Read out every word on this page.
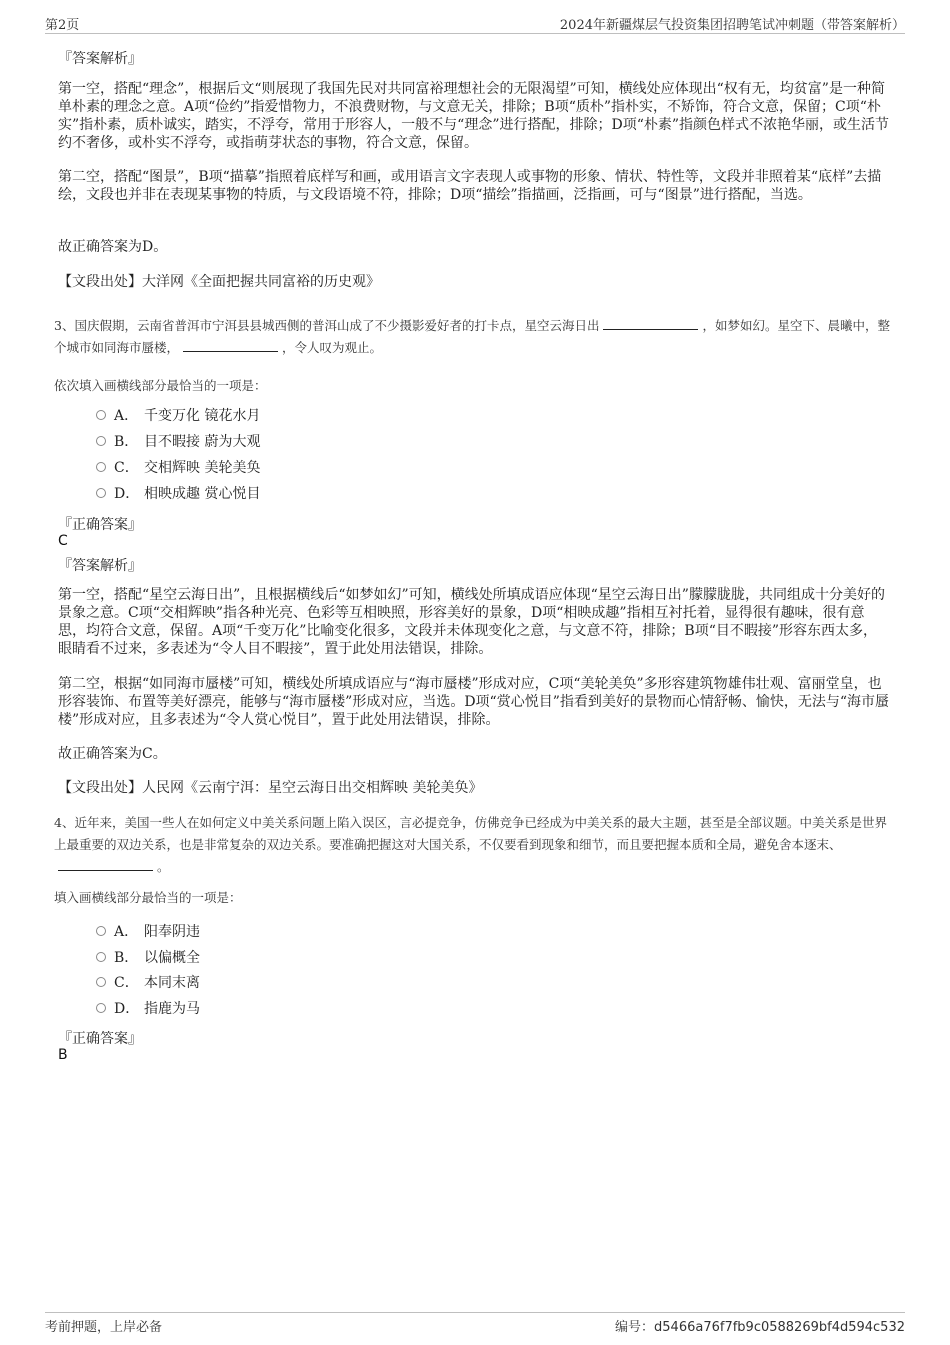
第2页	2024年新疆煤层气投资集团招聘笔试冲刺题（带答案解析）
『答案解析』
第一空，搭配“理念”，根据后文“则展现了我国先民对共同富裕理想社会的无限渴望”可知，横线处应体现出“权有无，均贫富”是一种简单朴素的理念之意。A项“俭约”指爱惜物力，不浪费财物，与文意无关，排除；B项“质朴”指朴实，不矫饰，符合文意，保留；C项“朴实”指朴素，质朴诚实，踏实，不浮夸，常用于形容人，一般不与“理念”进行搭配，排除；D项“朴素”指颜色样式不浓艳华丽，或生活节约不奢侈，或朴实不浮夸，或指萌芽状态的事物，符合文意，保留。
第二空，搭配“图景”，B项“描摹”指照着底样写和画，或用语言文字表现人或事物的形象、情状、特性等，文段并非照着某“底样”去描绘，文段也并非在表现某事物的特质，与文段语境不符，排除；D项“描绘”指描画，泛指画，可与“图景”进行搭配，当选。
故正确答案为D。
【文段出处】大洋网《全面把握共同富裕的历史观》
3、国庆假期，云南省普洱市宁洱县县城西侧的普洱山成了不少摄影爱好者的打卡点，星空云海日出	，如梦如幻。星空下、晨曦中，整个城市如同海市蜃楼，	，令人叹为观止。
依次填入画横线部分最恰当的一项是：
A． 千变万化 镜花水月
B． 目不暇接 蔚为大观
C． 交相辉映 美轮美奂
D． 相映成趣 赏心悦目
『正确答案』
C
『答案解析』
第一空，搭配“星空云海日出”，且根据横线后“如梦如幻”可知，横线处所填成语应体现“星空云海日出”朦朦胧胧，共同组成十分美好的景象之意。C项“交相辉映”指各种光亮、色彩等互相映照，形容美好的景象，D项“相映成趣”指相互衬托着，显得很有趣味，很有意思，均符合文意，保留。A项“千变万化”比喻变化很多，文段并未体现变化之意，与文意不符，排除；B项“目不暇接”形容东西太多，眼睛看不过来，多表述为“令人目不暇接”，置于此处用法错误，排除。
第二空，根据“如同海市蜃楼”可知，横线处所填成语应与“海市蜃楼”形成对应，C项“美轮美奂”多形容建筑物雄伟壮观、富丽堂皇，也形容装饰、布置等美好漂亮，能够与“海市蜃楼”形成对应，当选。D项“赏心悦目”指看到美好的景物而心情舒畅、愉快，无法与“海市蜃楼”形成对应，且多表述为“令人赏心悦目”，置于此处用法错误，排除。
故正确答案为C。
【文段出处】人民网《云南宁洱：星空云海日出交相辉映 美轮美奂》
4、近年来，美国一些人在如何定义中美关系问题上陷入误区，言必提竞争，仿佛竞争已经成为中美关系的最大主题，甚至是全部议题。中美关系是世界上最重要的双边关系，也是非常复杂的双边关系。要准确把握这对大国关系，不仅要看到现象和细节，而且要把握本质和全局，避免舍本逐末、。
填入画横线部分最恰当的一项是：
A． 阳奉阴违
B． 以偏概全
C． 本同末离
D． 指鹿为马
『正确答案』
B
考前押题，上岸必备	编号：d5466a76f7fb9c0588269bf4d594c532
